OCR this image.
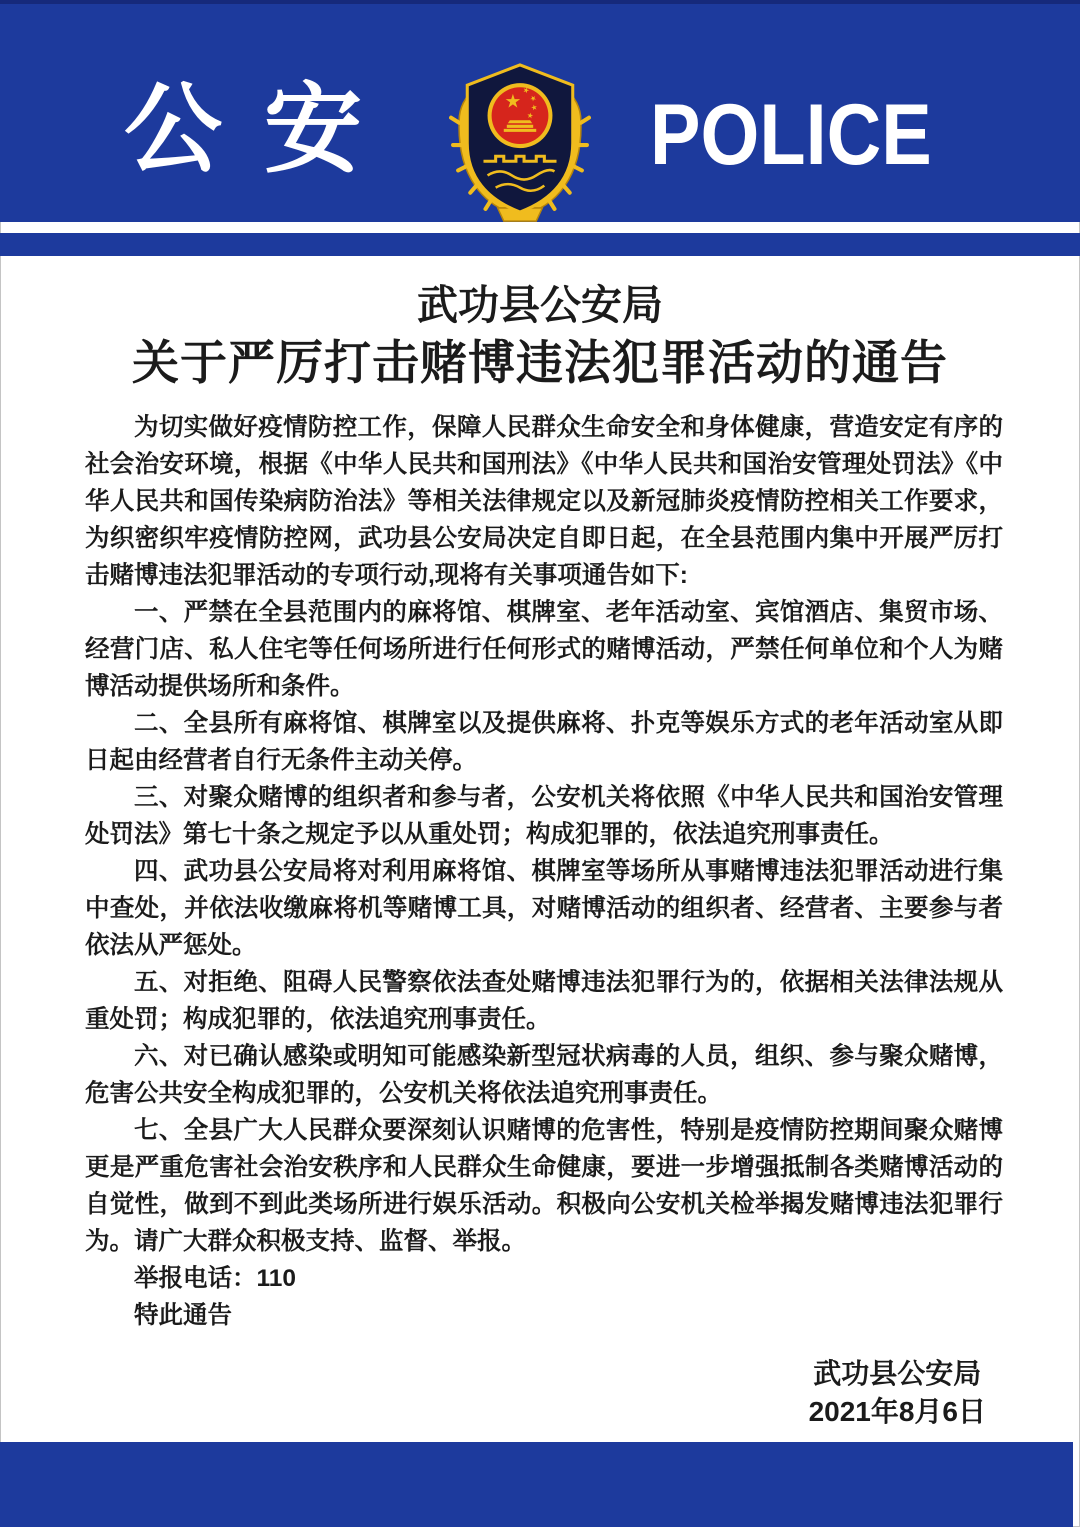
公安	POLICE
武功县公安局
关于严厉打击赌博违法犯罪活动的通告

为切实做好疫情防控工作，保障人民群众生命安全和身体健康，营造安定有序的社会治安环境，根据《中华人民共和国刑法》《中华人民共和国治安管理处罚法》《中华人民共和国传染病防治法》等相关法律规定以及新冠肺炎疫情防控相关工作要求，为织密织牢疫情防控网，武功县公安局决定自即日起，在全县范围内集中开展严厉打击赌博违法犯罪活动的专项行动,现将有关事项通告如下:

一、严禁在全县范围内的麻将馆、棋牌室、老年活动室、宾馆酒店、集贸市场、经营门店、私人住宅等任何场所进行任何形式的赌博活动，严禁任何单位和个人为赌博活动提供场所和条件。

二、全县所有麻将馆、棋牌室以及提供麻将、扑克等娱乐方式的老年活动室从即日起由经营者自行无条件主动关停。

三、对聚众赌博的组织者和参与者，公安机关将依照《中华人民共和国治安管理处罚法》第七十条之规定予以从重处罚；构成犯罪的，依法追究刑事责任。

四、武功县公安局将对利用麻将馆、棋牌室等场所从事赌博违法犯罪活动进行集中查处，并依法收缴麻将机等赌博工具，对赌博活动的组织者、经营者、主要参与者依法从严惩处。

五、对拒绝、阻碍人民警察依法查处赌博违法犯罪行为的，依据相关法律法规从重处罚；构成犯罪的，依法追究刑事责任。

六、对已确认感染或明知可能感染新型冠状病毒的人员，组织、参与聚众赌博，危害公共安全构成犯罪的，公安机关将依法追究刑事责任。

七、全县广大人民群众要深刻认识赌博的危害性，特别是疫情防控期间聚众赌博更是严重危害社会治安秩序和人民群众生命健康，要进一步增强抵制各类赌博活动的自觉性，做到不到此类场所进行娱乐活动。积极向公安机关检举揭发赌博违法犯罪行为。请广大群众积极支持、监督、举报。

举报电话：110

特此通告

武功县公安局
2021年8月6日
